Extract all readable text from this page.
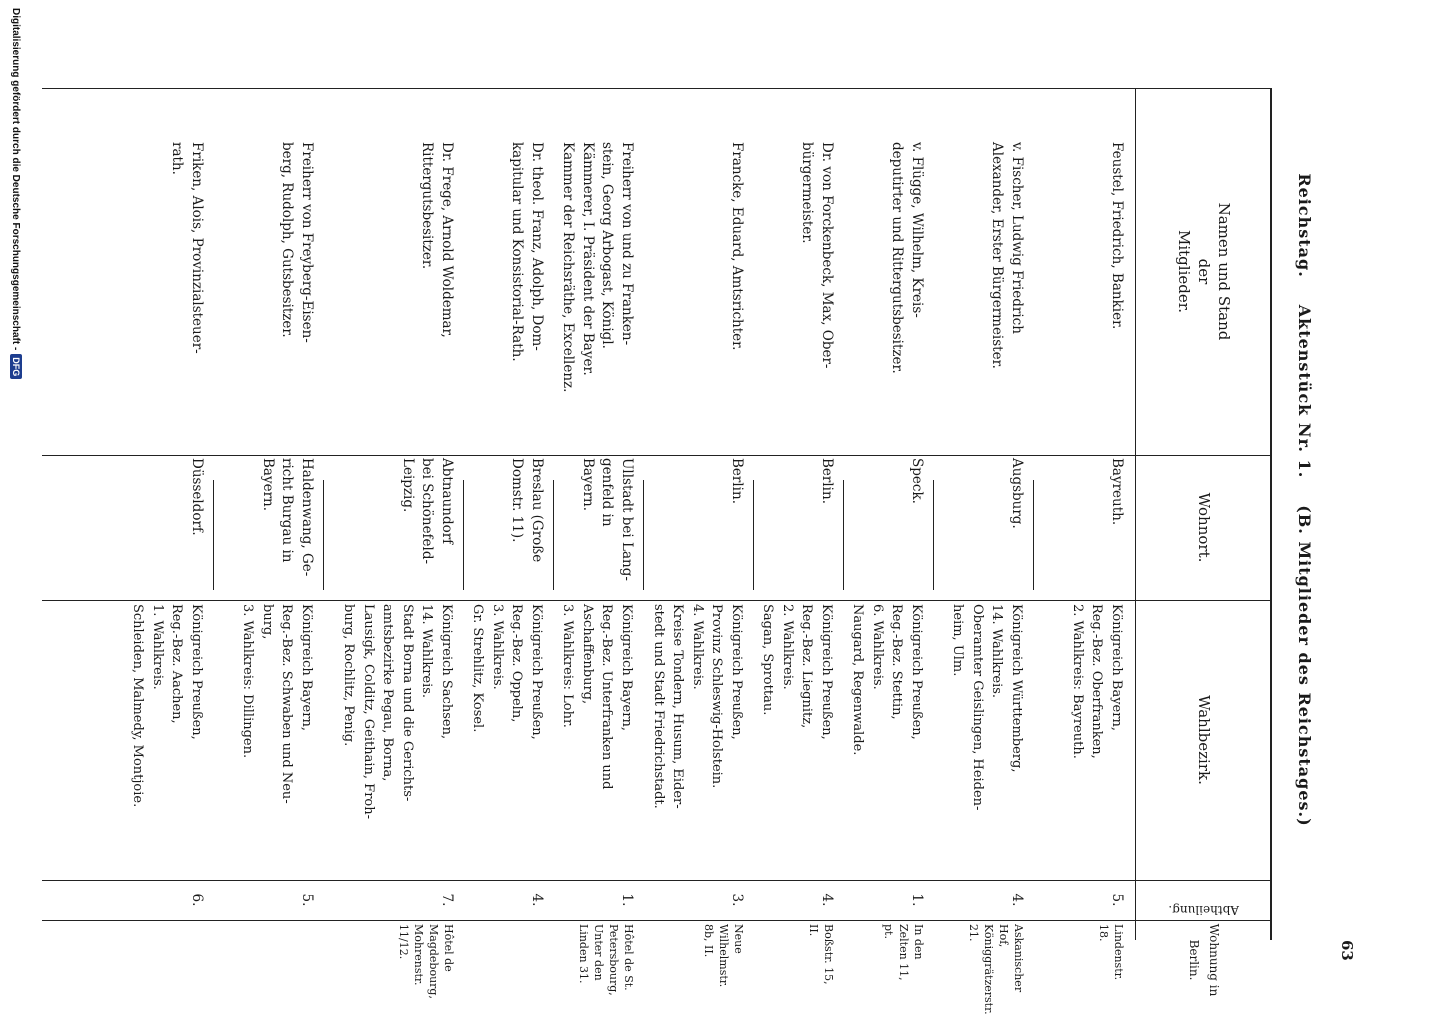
63
Reichstag.     Aktenstück Nr. 1.     (B. Mitglieder des Reichstages.)
Namen und Stand
der
Mitglieder.
Wohnort.
Wahlbezirk.
Abtheilung.
Wohnung in Berlin.
Feustel, Friedrich, Bankier.
Bayreuth.
Königreich Bayern,
Reg.-Bez. Oberfranken,
2. Wahlkreis: Bayreuth.
v. Fischer, Ludwig Friedrich
Alexander, Erster Bürgermeister.
Augsburg.
Königreich Württemberg,
14. Wahlkreis.
Oberamter Geislingen, Heiden-
heim, Ulm.
v. Flügge, Wilhelm, Kreis-
deputirter und Rittergutsbesitzer.
Speck.
Königreich Preußen,
Reg.-Bez. Stettin,
6. Wahlkreis.
Naugard, Regenwalde.
Dr. von Forckenbeck, Max, Ober-
bürgermeister.
Berlin.
Königreich Preußen,
Reg.-Bez. Liegnitz,
2. Wahlkreis.
Sagan, Sprottau.
Francke, Eduard, Amtsrichter.
Berlin.
Königreich Preußen,
Provinz Schleswig-Holstein.
4. Wahlkreis.
Kreise Tondern, Husum, Eider-
stedt und Stadt Friedrichstadt.
Freiherr von und zu Franken-
stein, Georg Arbogast, Königl.
Kämmerer, I. Präsident der Bayer.
Kammer der Reichsräthe, Excellenz.
Ullstadt bei Lang-
genfeld in
Bayern.
Königreich Bayern,
Reg.-Bez. Unterfranken und
Aschaffenburg,
3. Wahlkreis: Lohr.
Dr. theol. Franz, Adolph, Dom-
kapitular und Konsistorial-Rath.
Breslau (Große
Domstr. 11).
Königreich Preußen,
Reg.-Bez. Oppeln,
3. Wahlkreis.
Gr. Strehlitz, Kosel.
Dr. Frege, Arnold Woldemar,
Rittergutsbesitzer.
Abtnaundorf
bei Schönefeld-
Leipzig.
Königreich Sachsen,
14. Wahlkreis.
Stadt Borna und die Gerichts-
amtsbezirke Pegau, Borna,
Lausigk, Colditz, Geithain, Froh-
burg, Rochlitz, Penig.
Freiherr von Freyberg-Eisen-
berg, Rudolph, Gutsbesitzer.
Haldenwang, Ge-
richt Burgau in
Bayern.
Königreich Bayern,
Reg.-Bez. Schwaben und Neu-
burg,
3. Wahlkreis: Dillingen.
Friken, Alois, Provinzialsteuer-
rath.
Düsseldorf.
Königreich Preußen,
Reg.-Bez. Aachen,
1. Wahlkreis.
Schleiden, Malmedy, Montjoie.
5.
4.
1.
4.
3.
1.
4.
7.
5.
6.
Lindenstr. 18.
Askanischer Hof,
Königgrätzerstr. 21.
In den Zelten 11, pt.
Boßstr. 15, II.
Neue Wilhelmstr. 8b, II.
Hôtel de St. Petersbourg,
Unter den Linden 31.
Hôtel de Magdebourg,
Mohrenstr. 11/12.
Digitalisierung gefördert durch die Deutsche Forschungsgemeinschaft -
DFG
